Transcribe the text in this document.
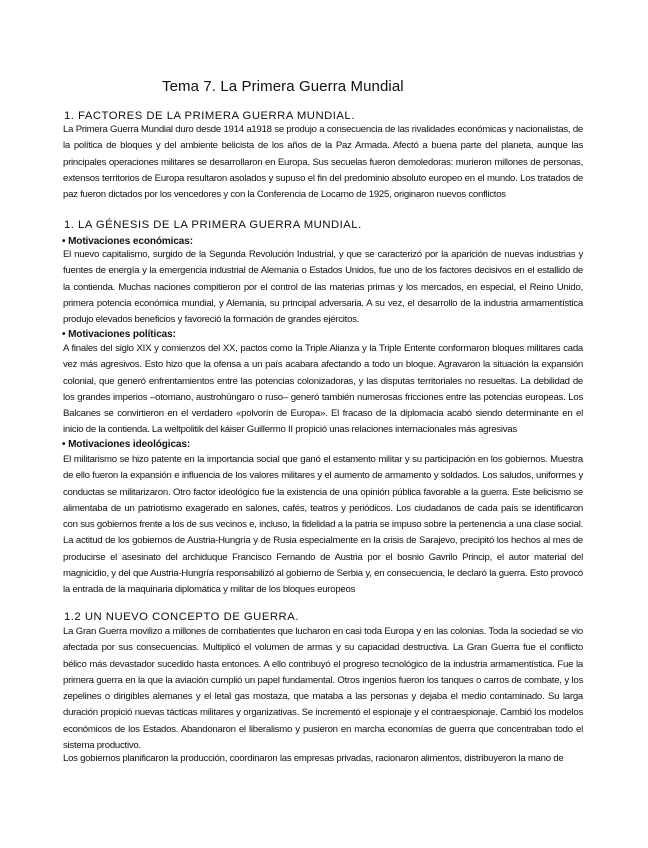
Tema 7. La Primera Guerra Mundial
1. FACTORES DE LA PRIMERA GUERRA MUNDIAL.

La Primera Guerra Mundial duro desde 1914 a1918 se produjo a consecuencia de las rivalidades económicas y nacionalistas, de la política de bloques y del ambiente belicista de los años de la Paz Armada. Afectó a buena parte del planeta, aunque las principales operaciones militares se desarrollaron en Europa. Sus secuelas fueron demoledoras: murieron millones de personas, extensos territorios de Europa resultaron asolados y supuso el fin del predominio absoluto europeo en el mundo. Los tratados de paz fueron dictados por los vencedores y con la Conferencia de Locarno de 1925, originaron nuevos conflictos

1. LA GÉNESIS DE LA PRIMERA GUERRA MUNDIAL.
• Motivaciones económicas:

El nuevo capitalismo, surgido de la Segunda Revolución Industrial, y que se caracterizó por la aparición de nuevas industrias y fuentes de energía y la emergencia industrial de Alemania o Estados Unidos, fue uno de los factores decisivos en el estallido de la contienda. Muchas naciones compitieron por el control de las materias primas y los mercados, en especial, el Reino Unido, primera potencia económica mundial, y Alemania, su principal adversaria. A su vez, el desarrollo de la industria armamentística produjo elevados beneficios y favoreció la formación de grandes ejércitos.

• Motivaciones políticas:

A finales del siglo XIX y comienzos del XX, pactos como la Triple Alianza y la Triple Entente conformaron bloques militares cada vez más agresivos. Esto hizo que la ofensa a un país acabara afectando a todo un bloque. Agravaron la situación la expansión colonial, que generó enfrentamientos entre las potencias colonizadoras, y las disputas territoriales no resueltas. La debilidad de los grandes imperios –otomano, austrohúngaro o ruso– generó también numerosas fricciones entre las potencias europeas. Los Balcanes se convirtieron en el verdadero «polvorín de Europa». El fracaso de la diplomacia acabó siendo determinante en el inicio de la contienda. La weltpolitik del káiser Guillermo II propició unas relaciones internacionales más agresivas

• Motivaciones ideológicas:

El militarismo se hizo patente en la importancia social que ganó el estamento militar y su participación en los gobiernos. Muestra de ello fueron la expansión e influencia de los valores militares y el aumento de armamento y soldados. Los saludos, uniformes y conductas se militarizaron. Otro factor ideológico fue la existencia de una opinión pública favorable a la guerra. Este belicismo se alimentaba de un patriotismo exagerado en salones, cafés, teatros y periódicos. Los ciudadanos de cada país se identificaron con sus gobiernos frente a los de sus vecinos e, incluso, la fidelidad a la patria se impuso sobre la pertenencia a una clase social. La actitud de los gobiernos de Austria-Hungría y de Rusia especialmente en la crisis de Sarajevo, precipitó los hechos al mes de producirse el asesinato del archiduque Francisco Fernando de Austria por el bosnio Gavrilo Princip, el autor material del magnicidio, y del que Austria-Hungría responsabilizó al gobierno de Serbia y, en consecuencia, le declaró la guerra. Esto provocó la entrada de la maquinaria diplomática y militar de los bloques europeos

1.2 UN NUEVO CONCEPTO DE GUERRA.

La Gran Guerra movilizo a millones de combatientes que lucharon en casi toda Europa y en las colonias. Toda la sociedad se vio afectada por sus consecuencias. Multiplicó el volumen de armas y su capacidad destructiva. La Gran Guerra fue el conflicto bélico más devastador sucedido hasta entonces. A ello contribuyó el progreso tecnológico de la industria armamentística. Fue la primera guerra en la que la aviación cumplió un papel fundamental. Otros ingenios fueron los tanques o carros de combate, y los zepelines o dirigibles alemanes y el letal gas mostaza, que mataba a las personas y dejaba el medio contaminado. Su larga duración propició nuevas tácticas militares y organizativas. Se incrementó el espionaje y el contraespionaje. Cambió los modelos económicos de los Estados. Abandonaron el liberalismo y pusieron en marcha economías de guerra que concentraban todo el sistema productivo.

Los gobiernos planificaron la producción, coordinaron las empresas privadas, racionaron alimentos, distribuyeron la mano de
